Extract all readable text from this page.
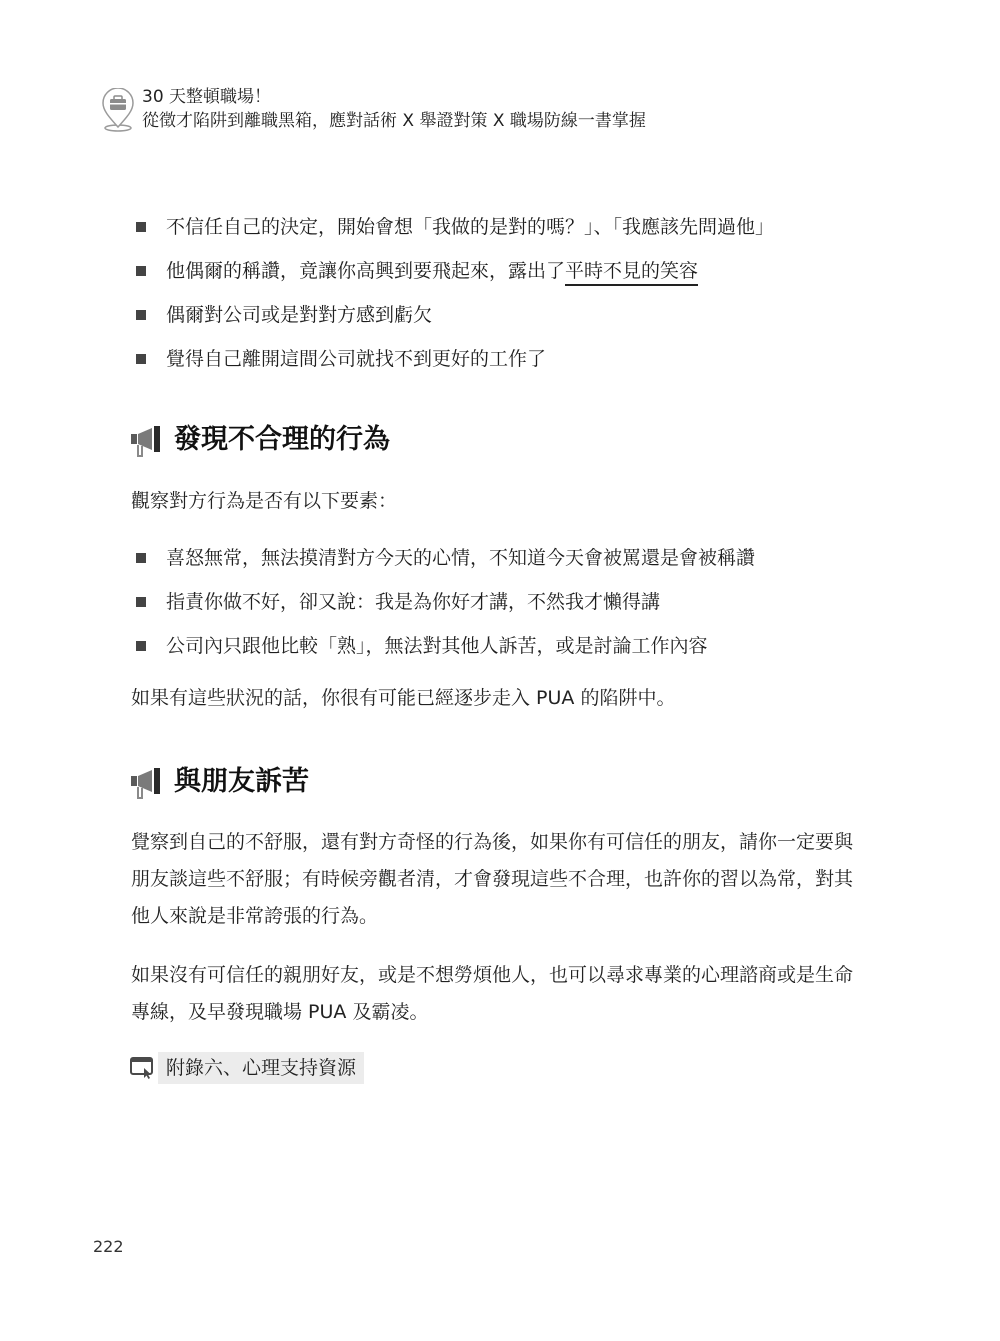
30 天整頓職場！
從徵才陷阱到離職黑箱，應對話術 X 舉證對策 X 職場防線一書掌握
不信任自己的決定，開始會想「我做的是對的嗎？」、「我應該先問過他」
他偶爾的稱讚，竟讓你高興到要飛起來，露出了平時不見的笑容
偶爾對公司或是對對方感到虧欠
覺得自己離開這間公司就找不到更好的工作了
發現不合理的行為

觀察對方行為是否有以下要素：

喜怒無常，無法摸清對方今天的心情，不知道今天會被罵還是會被稱讚
指責你做不好，卻又說：我是為你好才講，不然我才懶得講
公司內只跟他比較「熟」，無法對其他人訴苦，或是討論工作內容

如果有這些狀況的話，你很有可能已經逐步走入 PUA 的陷阱中。

與朋友訴苦

覺察到自己的不舒服，還有對方奇怪的行為後，如果你有可信任的朋友，請你一定要與朋友談這些不舒服；有時候旁觀者清，才會發現這些不合理，也許你的習以為常，對其他人來說是非常誇張的行為。

如果沒有可信任的親朋好友，或是不想勞煩他人，也可以尋求專業的心理諮商或是生命專線，及早發現職場 PUA 及霸凌。

附錄六、心理支持資源
222
